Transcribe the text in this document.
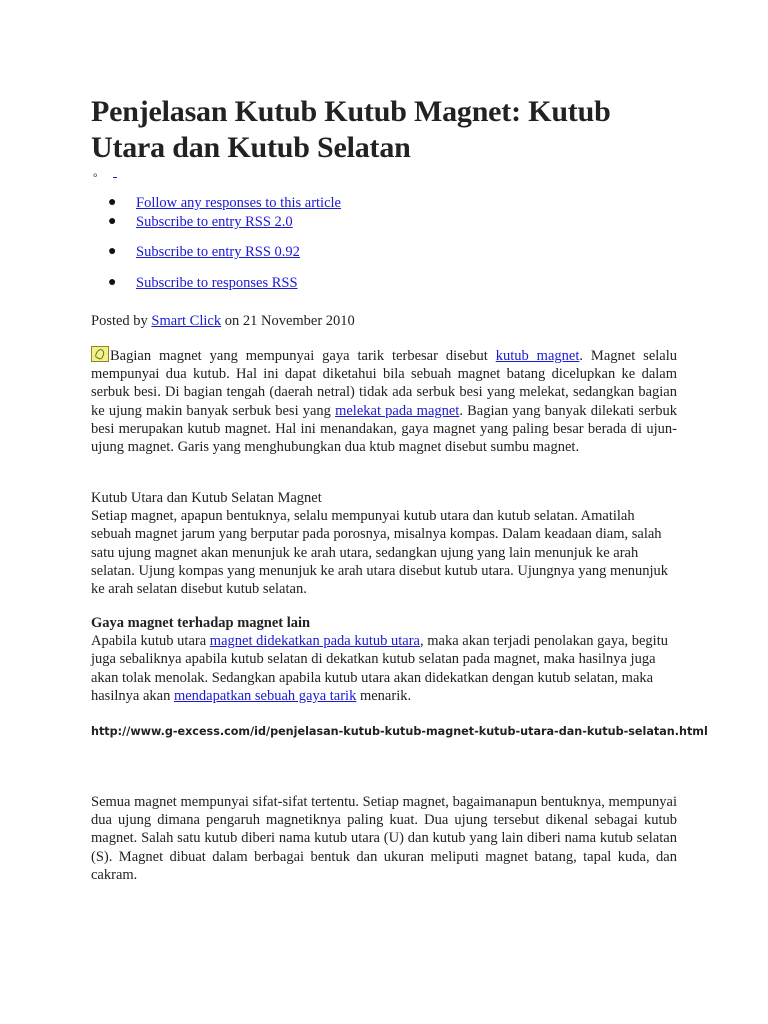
Penjelasan Kutub Kutub Magnet: Kutub
Utara dan Kutub Selatan
⚬
● Follow any responses to this article
● Subscribe to entry RSS 2.0
● Subscribe to entry RSS 0.92
● Subscribe to responses RSS
Posted by Smart Click on 21 November 2010

Bagian magnet yang mempunyai gaya tarik terbesar disebut kutub magnet. Magnet selalu mempunyai dua kutub. Hal ini dapat diketahui bila sebuah magnet batang dicelupkan ke dalam serbuk besi. Di bagian tengah (daerah netral) tidak ada serbuk besi yang melekat, sedangkan bagian ke ujung makin banyak serbuk besi yang melekat pada magnet. Bagian yang banyak dilekati serbuk besi merupakan kutub magnet. Hal ini menandakan, gaya magnet yang paling besar berada di ujun-ujung magnet. Garis yang menghubungkan dua ktub magnet disebut sumbu magnet.

Kutub Utara dan Kutub Selatan Magnet
Setiap magnet, apapun bentuknya, selalu mempunyai kutub utara dan kutub selatan. Amatilah sebuah magnet jarum yang berputar pada porosnya, misalnya kompas. Dalam keadaan diam, salah satu ujung magnet akan menunjuk ke arah utara, sedangkan ujung yang lain menunjuk ke arah selatan. Ujung kompas yang menunjuk ke arah utara disebut kutub utara. Ujungnya yang menunjuk ke arah selatan disebut kutub selatan.

Gaya magnet terhadap magnet lain
Apabila kutub utara magnet didekatkan pada kutub utara, maka akan terjadi penolakan gaya, begitu juga sebaliknya apabila kutub selatan di dekatkan kutub selatan pada magnet, maka hasilnya juga akan tolak menolak. Sedangkan apabila kutub utara akan didekatkan dengan kutub selatan, maka hasilnya akan mendapatkan sebuah gaya tarik menarik.

http://www.g-excess.com/id/penjelasan-kutub-kutub-magnet-kutub-utara-dan-kutub-selatan.html

Semua magnet mempunyai sifat-sifat tertentu. Setiap magnet, bagaimanapun bentuknya, mempunyai dua ujung dimana pengaruh magnetiknya paling kuat. Dua ujung tersebut dikenal sebagai kutub magnet. Salah satu kutub diberi nama kutub utara (U) dan kutub yang lain diberi nama kutub selatan (S). Magnet dibuat dalam berbagai bentuk dan ukuran meliputi magnet batang, tapal kuda, dan cakram.
